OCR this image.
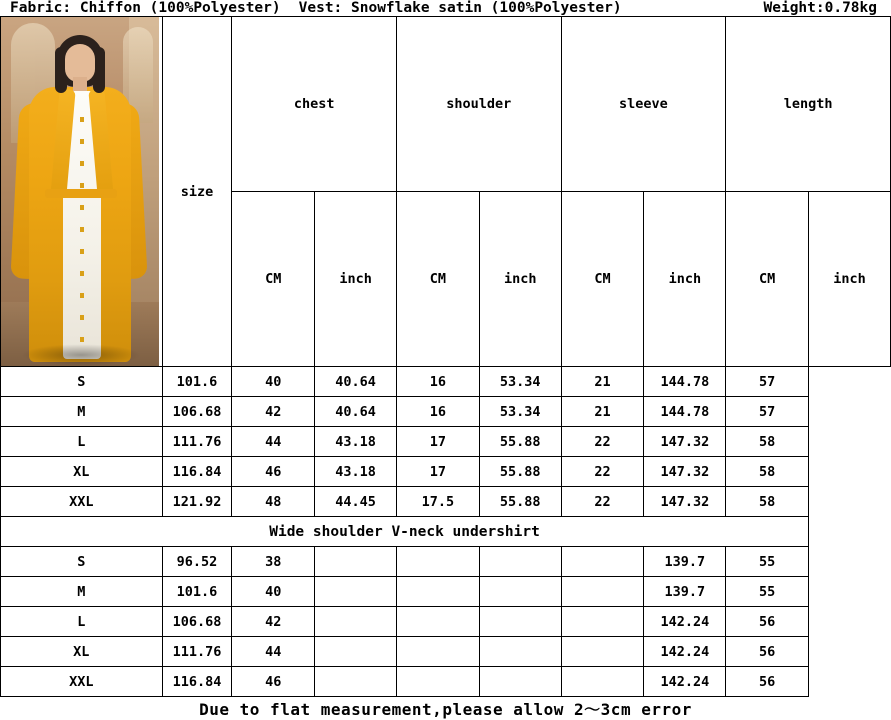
Fabric: Chiffon (100%Polyester) Vest: Snowflake satin (100%Polyester)	Weight:0.78kg
	size	chest		shoulder		sleeve		length	
		CM	inch	CM	inch	CM	inch	CM	inch
S	101.6	40	40.64	16	53.34	21	144.78	57	
M	106.68	42	40.64	16	53.34	21	144.78	57	
L	111.76	44	43.18	17	55.88	22	147.32	58	
XL	116.84	46	43.18	17	55.88	22	147.32	58	
XXL	121.92	48	44.45	17.5	55.88	22	147.32	58	
Wide shoulder V-neck undershirt									
S	96.52	38					139.7	55	
M	101.6	40					139.7	55	
L	106.68	42					142.24	56	
XL	111.76	44					142.24	56	
XXL	116.84	46					142.24	56	
Due to flat measurement,please allow 2～3cm error
